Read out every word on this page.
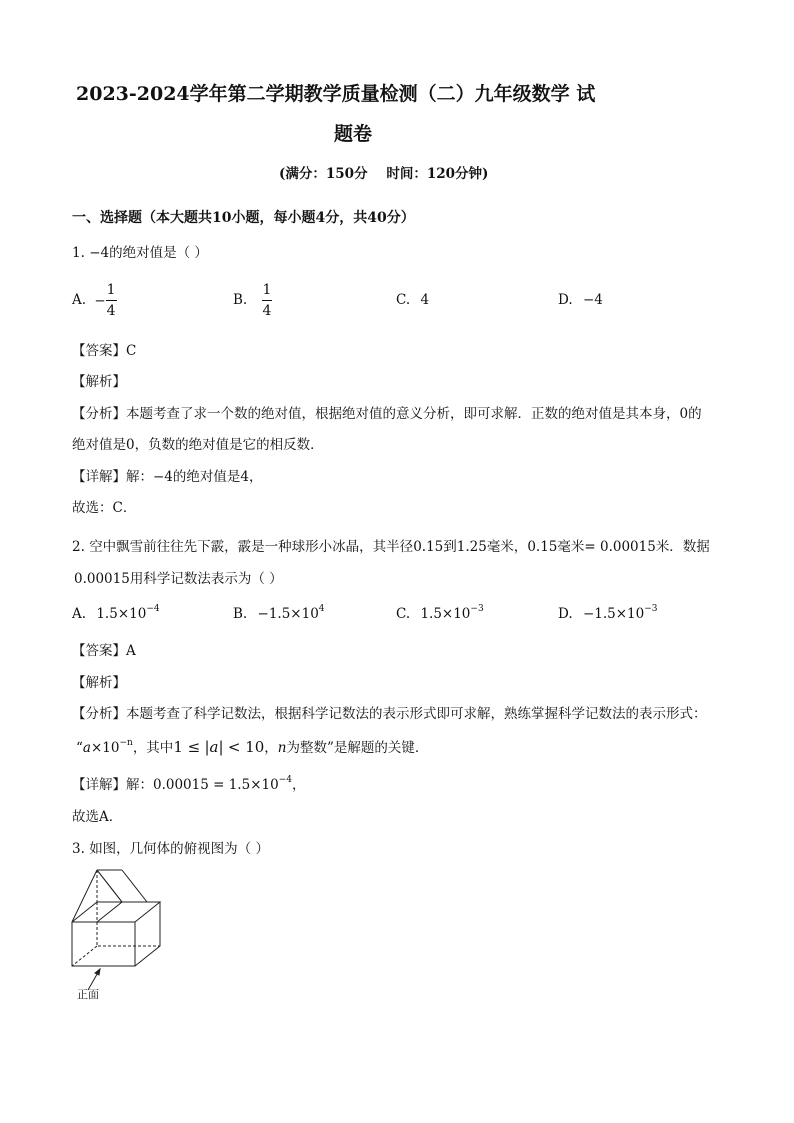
2023-2024学年第二学期教学质量检测（二）九年级数学 试
题卷
(满分：150分    时间：120分钟)
一、选择题（本大题共10小题，每小题4分，共40分）
1. −4的绝对值是（ ）
A. − $\frac{1}{4}$	B. $\frac{1}{4}$	C. 4	D. −4
【答案】C
【解析】
【分析】本题考查了求一个数的绝对值，根据绝对值的意义分析，即可求解．正数的绝对值是其本身，0的
绝对值是0，负数的绝对值是它的相反数．
【详解】解：−4的绝对值是4，
故选：C．
2. 空中飘雪前往往先下霰，霰是一种球形小冰晶，其半径0.15到1.25毫米，0.15毫米= 0.00015米．数据
0.00015用科学记数法表示为（ ）
A. $1.5\times 10^{-4}$	B. $-1.5\times 10^4$	C. $1.5\times 10^{-3}$	D. $-1.5\times 10^{-3}$
【答案】A
【解析】
【分析】本题考查了科学记数法，根据科学记数法的表示形式即可求解，熟练掌握科学记数法的表示形式：
“$a\times 10^{-n}$，其中1 ≤ |a| < 10，n为整数”是解题的关键．
【详解】解：$0.00015 = 1.5\times 10^{-4}$，
故选A．
3. 如图，几何体的俯视图为（ ）
正面
